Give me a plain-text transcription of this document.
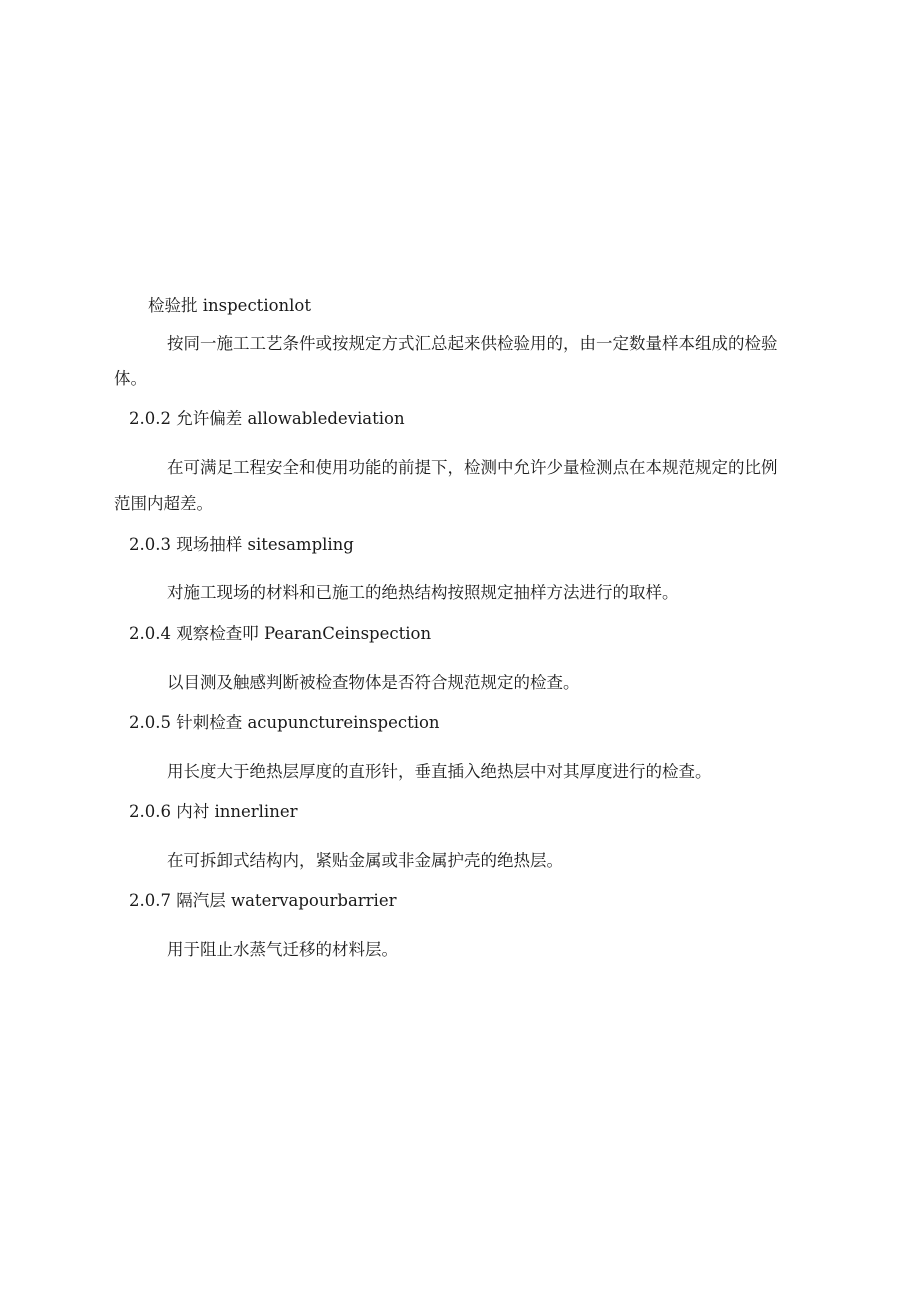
检验批 inspectionlot
按同一施工工艺条件或按规定方式汇总起来供检验用的，由一定数量样本组成的检验
体。
2.0.2 允许偏差 allowabledeviation
在可满足工程安全和使用功能的前提下，检测中允许少量检测点在本规范规定的比例
范围内超差。
2.0.3 现场抽样 sitesampling
对施工现场的材料和已施工的绝热结构按照规定抽样方法进行的取样。
2.0.4 观察检查叩 PearanCeinspection
以目测及触感判断被检查物体是否符合规范规定的检查。
2.0.5 针刺检查 acupunctureinspection
用长度大于绝热层厚度的直形针，垂直插入绝热层中对其厚度进行的检查。
2.0.6 内衬 innerliner
在可拆卸式结构内，紧贴金属或非金属护壳的绝热层。
2.0.7 隔汽层 watervapourbarrier
用于阻止水蒸气迁移的材料层。
